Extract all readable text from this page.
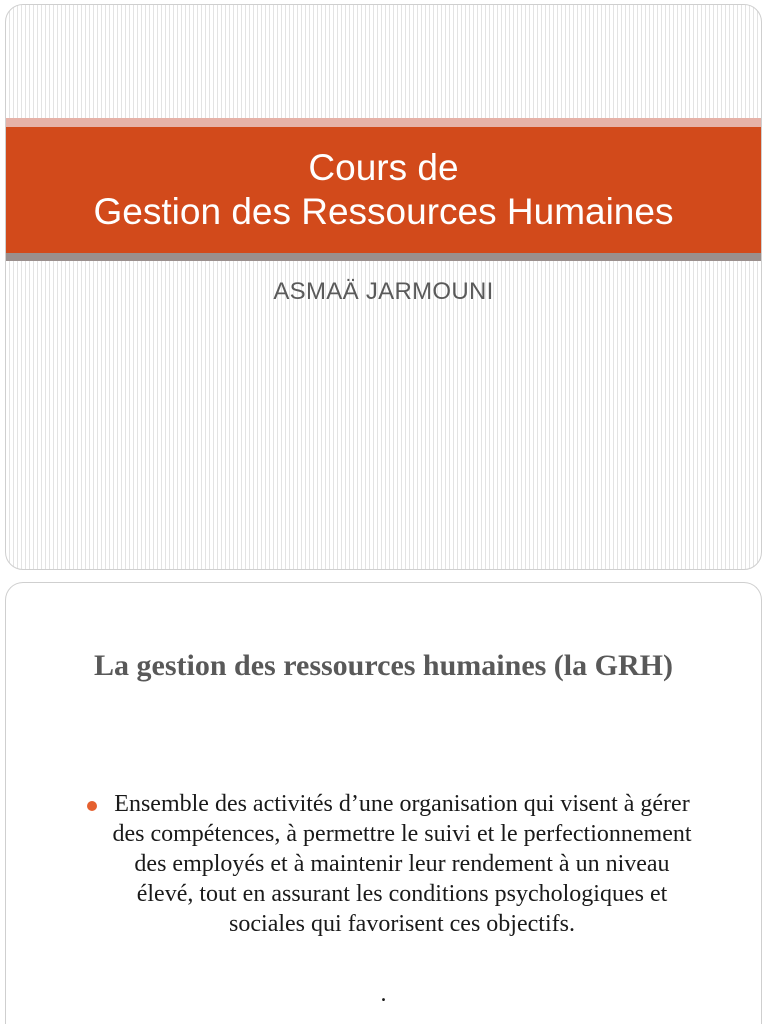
Cours de
Gestion des Ressources Humaines
ASMAÄ JARMOUNI
La gestion des ressources humaines (la GRH)

Ensemble des activités d’une organisation qui visent à gérer des compétences, à permettre le suivi et le perfectionnement des employés et à maintenir leur rendement à un niveau élevé, tout en assurant les conditions psychologiques et sociales qui favorisent ces objectifs.

.
